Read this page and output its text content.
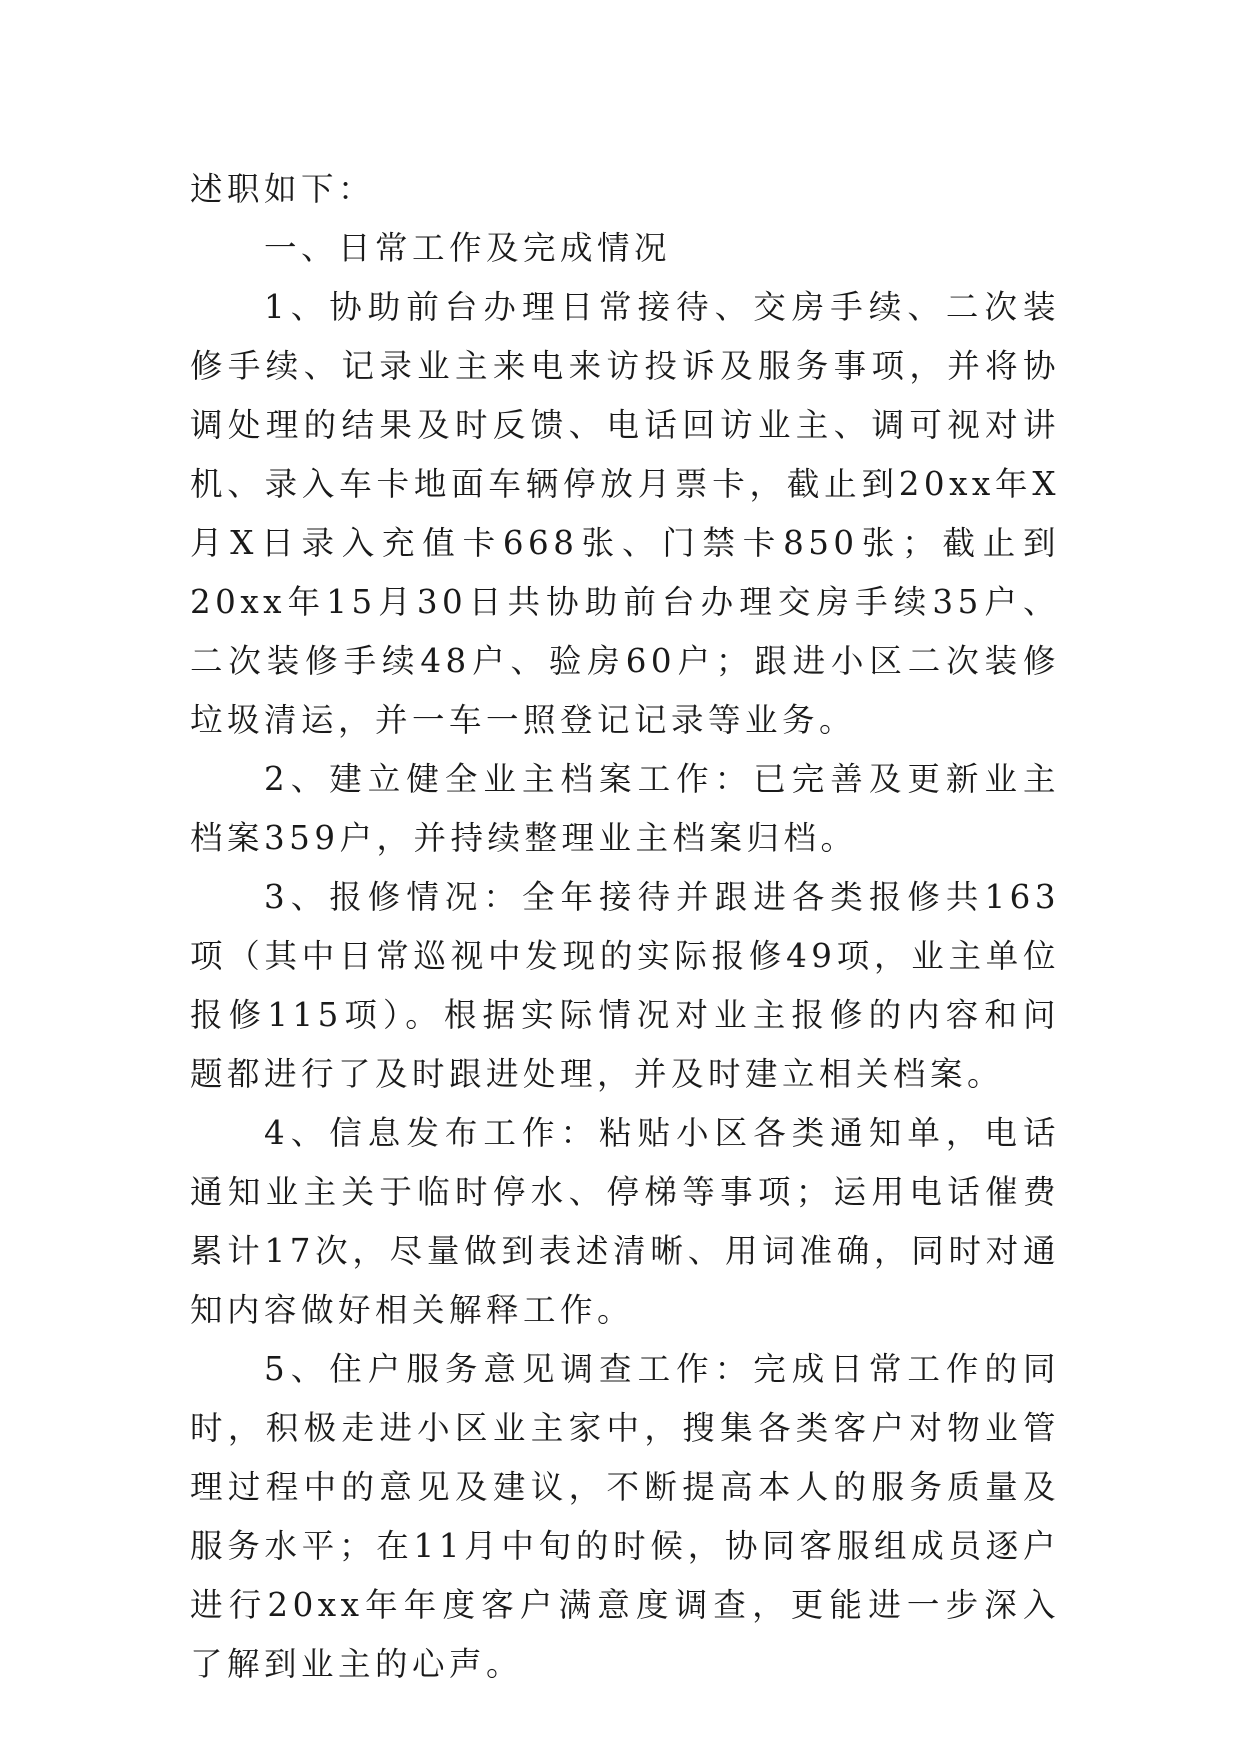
述职如下：

一、日常工作及完成情况

1、协助前台办理日常接待、交房手续、二次装修手续、记录业主来电来访投诉及服务事项，并将协调处理的结果及时反馈、电话回访业主、调可视对讲机、录入车卡地面车辆停放月票卡，截止到20xx年X月X日录入充值卡668张、门禁卡850张；截止到20xx年15月30日共协助前台办理交房手续35户、二次装修手续48户、验房60户；跟进小区二次装修垃圾清运，并一车一照登记记录等业务。

2、建立健全业主档案工作：已完善及更新业主档案359户，并持续整理业主档案归档。

3、报修情况：全年接待并跟进各类报修共163项（其中日常巡视中发现的实际报修49项，业主单位报修115项）。根据实际情况对业主报修的内容和问题都进行了及时跟进处理，并及时建立相关档案。

4、信息发布工作：粘贴小区各类通知单，电话通知业主关于临时停水、停梯等事项；运用电话催费累计17次，尽量做到表述清晰、用词准确，同时对通知内容做好相关解释工作。

5、住户服务意见调查工作：完成日常工作的同时，积极走进小区业主家中，搜集各类客户对物业管理过程中的意见及建议，不断提高本人的服务质量及服务水平；在11月中旬的时候，协同客服组成员逐户进行20xx年年度客户满意度调查，更能进一步深入了解到业主的心声。
